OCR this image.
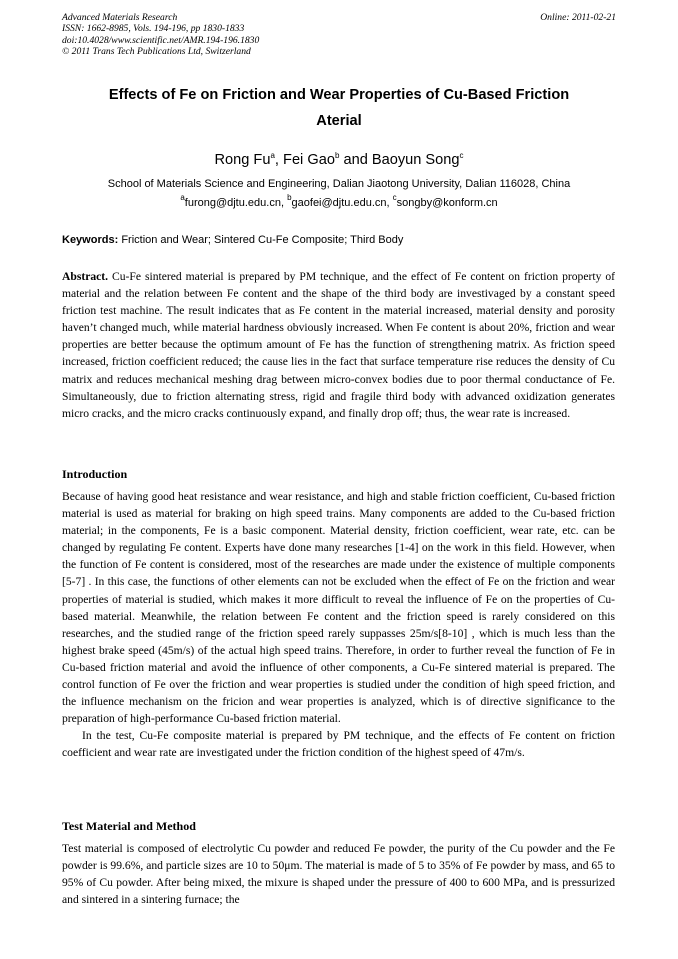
Advanced Materials Research
ISSN: 1662-8985, Vols. 194-196, pp 1830-1833
doi:10.4028/www.scientific.net/AMR.194-196.1830
© 2011 Trans Tech Publications Ltd, Switzerland
Online: 2011-02-21
Effects of Fe on Friction and Wear Properties of Cu-Based Friction
Aterial
Rong Fu$^a$, Fei Gao$^b$ and Baoyun Song$^c$
School of Materials Science and Engineering, Dalian Jiaotong University, Dalian 116028, China
$^a$furong@djtu.edu.cn, $^b$gaofei@djtu.edu.cn, $^c$songby@konform.cn
Keywords: Friction and Wear; Sintered Cu-Fe Composite; Third Body

Abstract. Cu-Fe sintered material is prepared by PM technique, and the effect of Fe content on friction property of material and the relation between Fe content and the shape of the third body are investivaged by a constant speed friction test machine. The result indicates that as Fe content in the material increased, material density and porosity haven’t changed much, while material hardness obviously increased. When Fe content is about 20%, friction and wear properties are better because the optimum amount of Fe has the function of strengthening matrix. As friction speed increased, friction coefficient reduced; the cause lies in the fact that surface temperature rise reduces the density of Cu matrix and reduces mechanical meshing drag between micro-convex bodies due to poor thermal conductance of Fe. Simultaneously, due to friction alternating stress, rigid and fragile third body with advanced oxidization generates micro cracks, and the micro cracks continuously expand, and finally drop off; thus, the wear rate is increased.

Introduction

Because of having good heat resistance and wear resistance, and high and stable friction coefficient, Cu-based friction material is used as material for braking on high speed trains. Many components are added to the Cu-based friction material; in the components, Fe is a basic component. Material density, friction coefficient, wear rate, etc. can be changed by regulating Fe content. Experts have done many researches [1-4] on the work in this field. However, when the function of Fe content is considered, most of the researches are made under the existence of multiple components [5-7] . In this case, the functions of other elements can not be excluded when the effect of Fe on the friction and wear properties of material is studied, which makes it more difficult to reveal the influence of Fe on the properties of Cu-based material. Meanwhile, the relation between Fe content and the friction speed is rarely considered on this researches, and the studied range of the friction speed rarely suppasses 25m/s[8-10] , which is much less than the highest brake speed (45m/s) of the actual high speed trains. Therefore, in order to further reveal the function of Fe in Cu-based friction material and avoid the influence of other components, a Cu-Fe sintered material is prepared. The control function of Fe over the friction and wear properties is studied under the condition of high speed friction, and the influence mechanism on the fricion and wear properties is analyzed, which is of directive significance to the preparation of high-performance Cu-based friction material.

In the test, Cu-Fe composite material is prepared by PM technique, and the effects of Fe content on friction coefficient and wear rate are investigated under the friction condition of the highest speed of 47m/s.

Test Material and Method

Test material is composed of electrolytic Cu powder and reduced Fe powder, the purity of the Cu powder and the Fe powder is 99.6%, and particle sizes are 10 to 50μm. The material is made of 5 to 35% of Fe powder by mass, and 65 to 95% of Cu powder. After being mixed, the mixure is shaped under the pressure of 400 to 600 MPa, and is pressurized and sintered in a sintering furnace; the
